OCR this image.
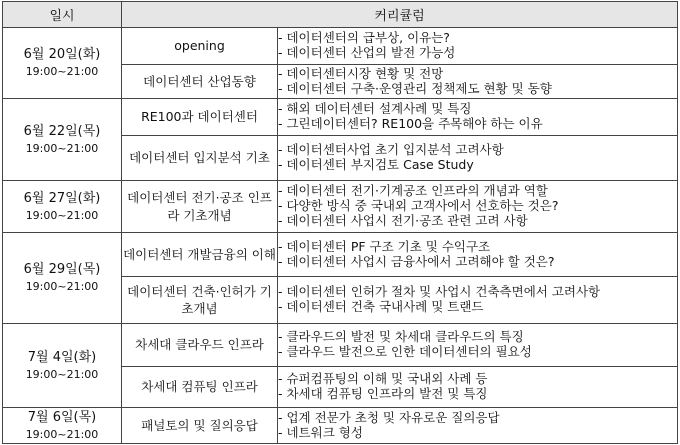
일시	커리큘럼	

6월 20일(화)
19:00~21:00	opening	- 데이터센터의 급부상, 이유는?
- 데이터센터 산업의 발전 가능성

	데이터센터 산업동향	- 데이터센터시장 현황 및 전망
- 데이터센터 구축·운영관리 정책제도 현황 및 동향

6월 22일(목)
19:00~21:00	RE100과 데이터센터	- 해외 데이터센터 설계사례 및 특징
- 그린데이터센터? RE100을 주목해야 하는 이유

	데이터센터 입지분석 기초	- 데이터센터사업 초기 입지분석 고려사항
- 데이터센터 부지검토 Case Study

6월 27일(화)
19:00~21:00	데이터센터 전기·공조 인프라 기초개념	- 데이터센터 전기·기계공조 인프라의 개념과 역할
- 다양한 방식 중 국내외 고객사에서 선호하는 것은?
- 데이터센터 사업시 전기·공조 관련 고려 사항

6월 29일(목)
19:00~21:00	데이터센터 개발금융의 이해	- 데이터센터 PF 구조 기초 및 수익구조
- 데이터센터 사업시 금융사에서 고려해야 할 것은?

	데이터센터 건축·인허가 기초개념	- 데이터센터 인허가 절차 및 사업시 건축측면에서 고려사항
- 데이터센터 건축 국내사례 및 트랜드

7월 4일(화)
19:00~21:00	차세대 클라우드 인프라	- 클라우드의 발전 및 차세대 클라우드의 특징
- 클라우드 발전으로 인한 데이터센터의 필요성

	차세대 컴퓨팅 인프라	- 슈퍼컴퓨팅의 이해 및 국내외 사례 등
- 차세대 컴퓨팅 인프라의 발전 및 특징

7월 6일(목)
19:00~21:00	패널토의 및 질의응답	- 업계 전문가 초청 및 자유로운 질의응답
- 네트워크 형성
